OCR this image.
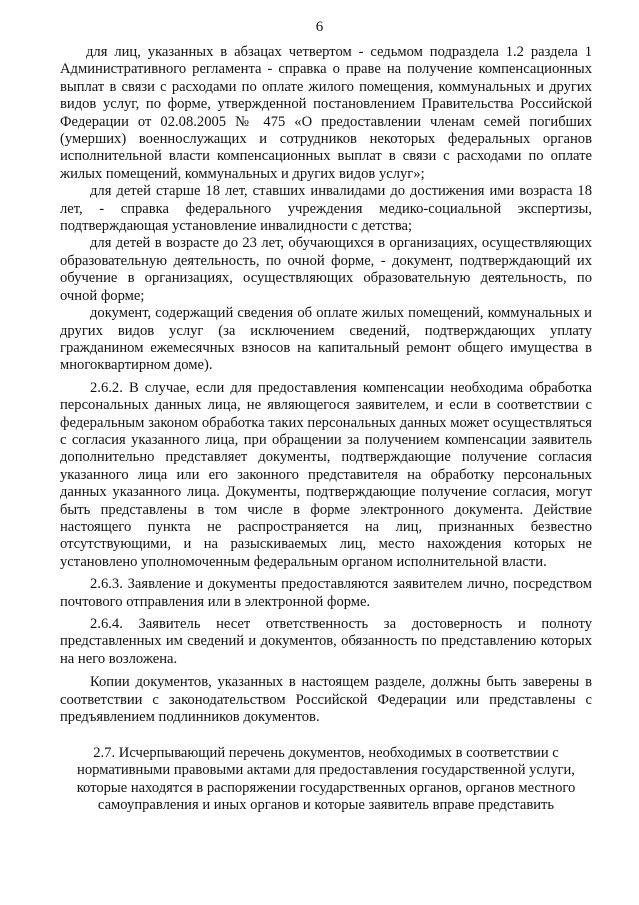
6

для лиц, указанных в абзацах четвертом - седьмом подраздела 1.2 раздела 1 Административного регламента - справка о праве на получение компенсационных выплат в связи с расходами по оплате жилого помещения, коммунальных и других видов услуг, по форме, утвержденной постановлением Правительства Российской Федерации от 02.08.2005 № 475 «О предоставлении членам семей погибших (умерших) военнослужащих и сотрудников некоторых федеральных органов исполнительной власти компенсационных выплат в связи с расходами по оплате жилых помещений, коммунальных и других видов услуг»;

для детей старше 18 лет, ставших инвалидами до достижения ими возраста 18 лет, - справка федерального учреждения медико-социальной экспертизы, подтверждающая установление инвалидности с детства;

для детей в возрасте до 23 лет, обучающихся в организациях, осуществляющих образовательную деятельность, по очной форме, - документ, подтверждающий их обучение в организациях, осуществляющих образовательную деятельность, по очной форме;

документ, содержащий сведения об оплате жилых помещений, коммунальных и других видов услуг (за исключением сведений, подтверждающих уплату гражданином ежемесячных взносов на капитальный ремонт общего имущества в многоквартирном доме).

2.6.2. В случае, если для предоставления компенсации необходима обработка персональных данных лица, не являющегося заявителем, и если в соответствии с федеральным законом обработка таких персональных данных может осуществляться с согласия указанного лица, при обращении за получением компенсации заявитель дополнительно представляет документы, подтверждающие получение согласия указанного лица или его законного представителя на обработку персональных данных указанного лица. Документы, подтверждающие получение согласия, могут быть представлены в том числе в форме электронного документа. Действие настоящего пункта не распространяется на лиц, признанных безвестно отсутствующими, и на разыскиваемых лиц, место нахождения которых не установлено уполномоченным федеральным органом исполнительной власти.

2.6.3. Заявление и документы предоставляются заявителем лично, посредством почтового отправления или в электронной форме.

2.6.4. Заявитель несет ответственность за достоверность и полноту представленных им сведений и документов, обязанность по представлению которых на него возложена.

Копии документов, указанных в настоящем разделе, должны быть заверены в соответствии с законодательством Российской Федерации или представлены с предъявлением подлинников документов.

2.7. Исчерпывающий перечень документов, необходимых в соответствии с нормативными правовыми актами для предоставления государственной услуги, которые находятся в распоряжении государственных органов, органов местного самоуправления и иных органов и которые заявитель вправе представить
